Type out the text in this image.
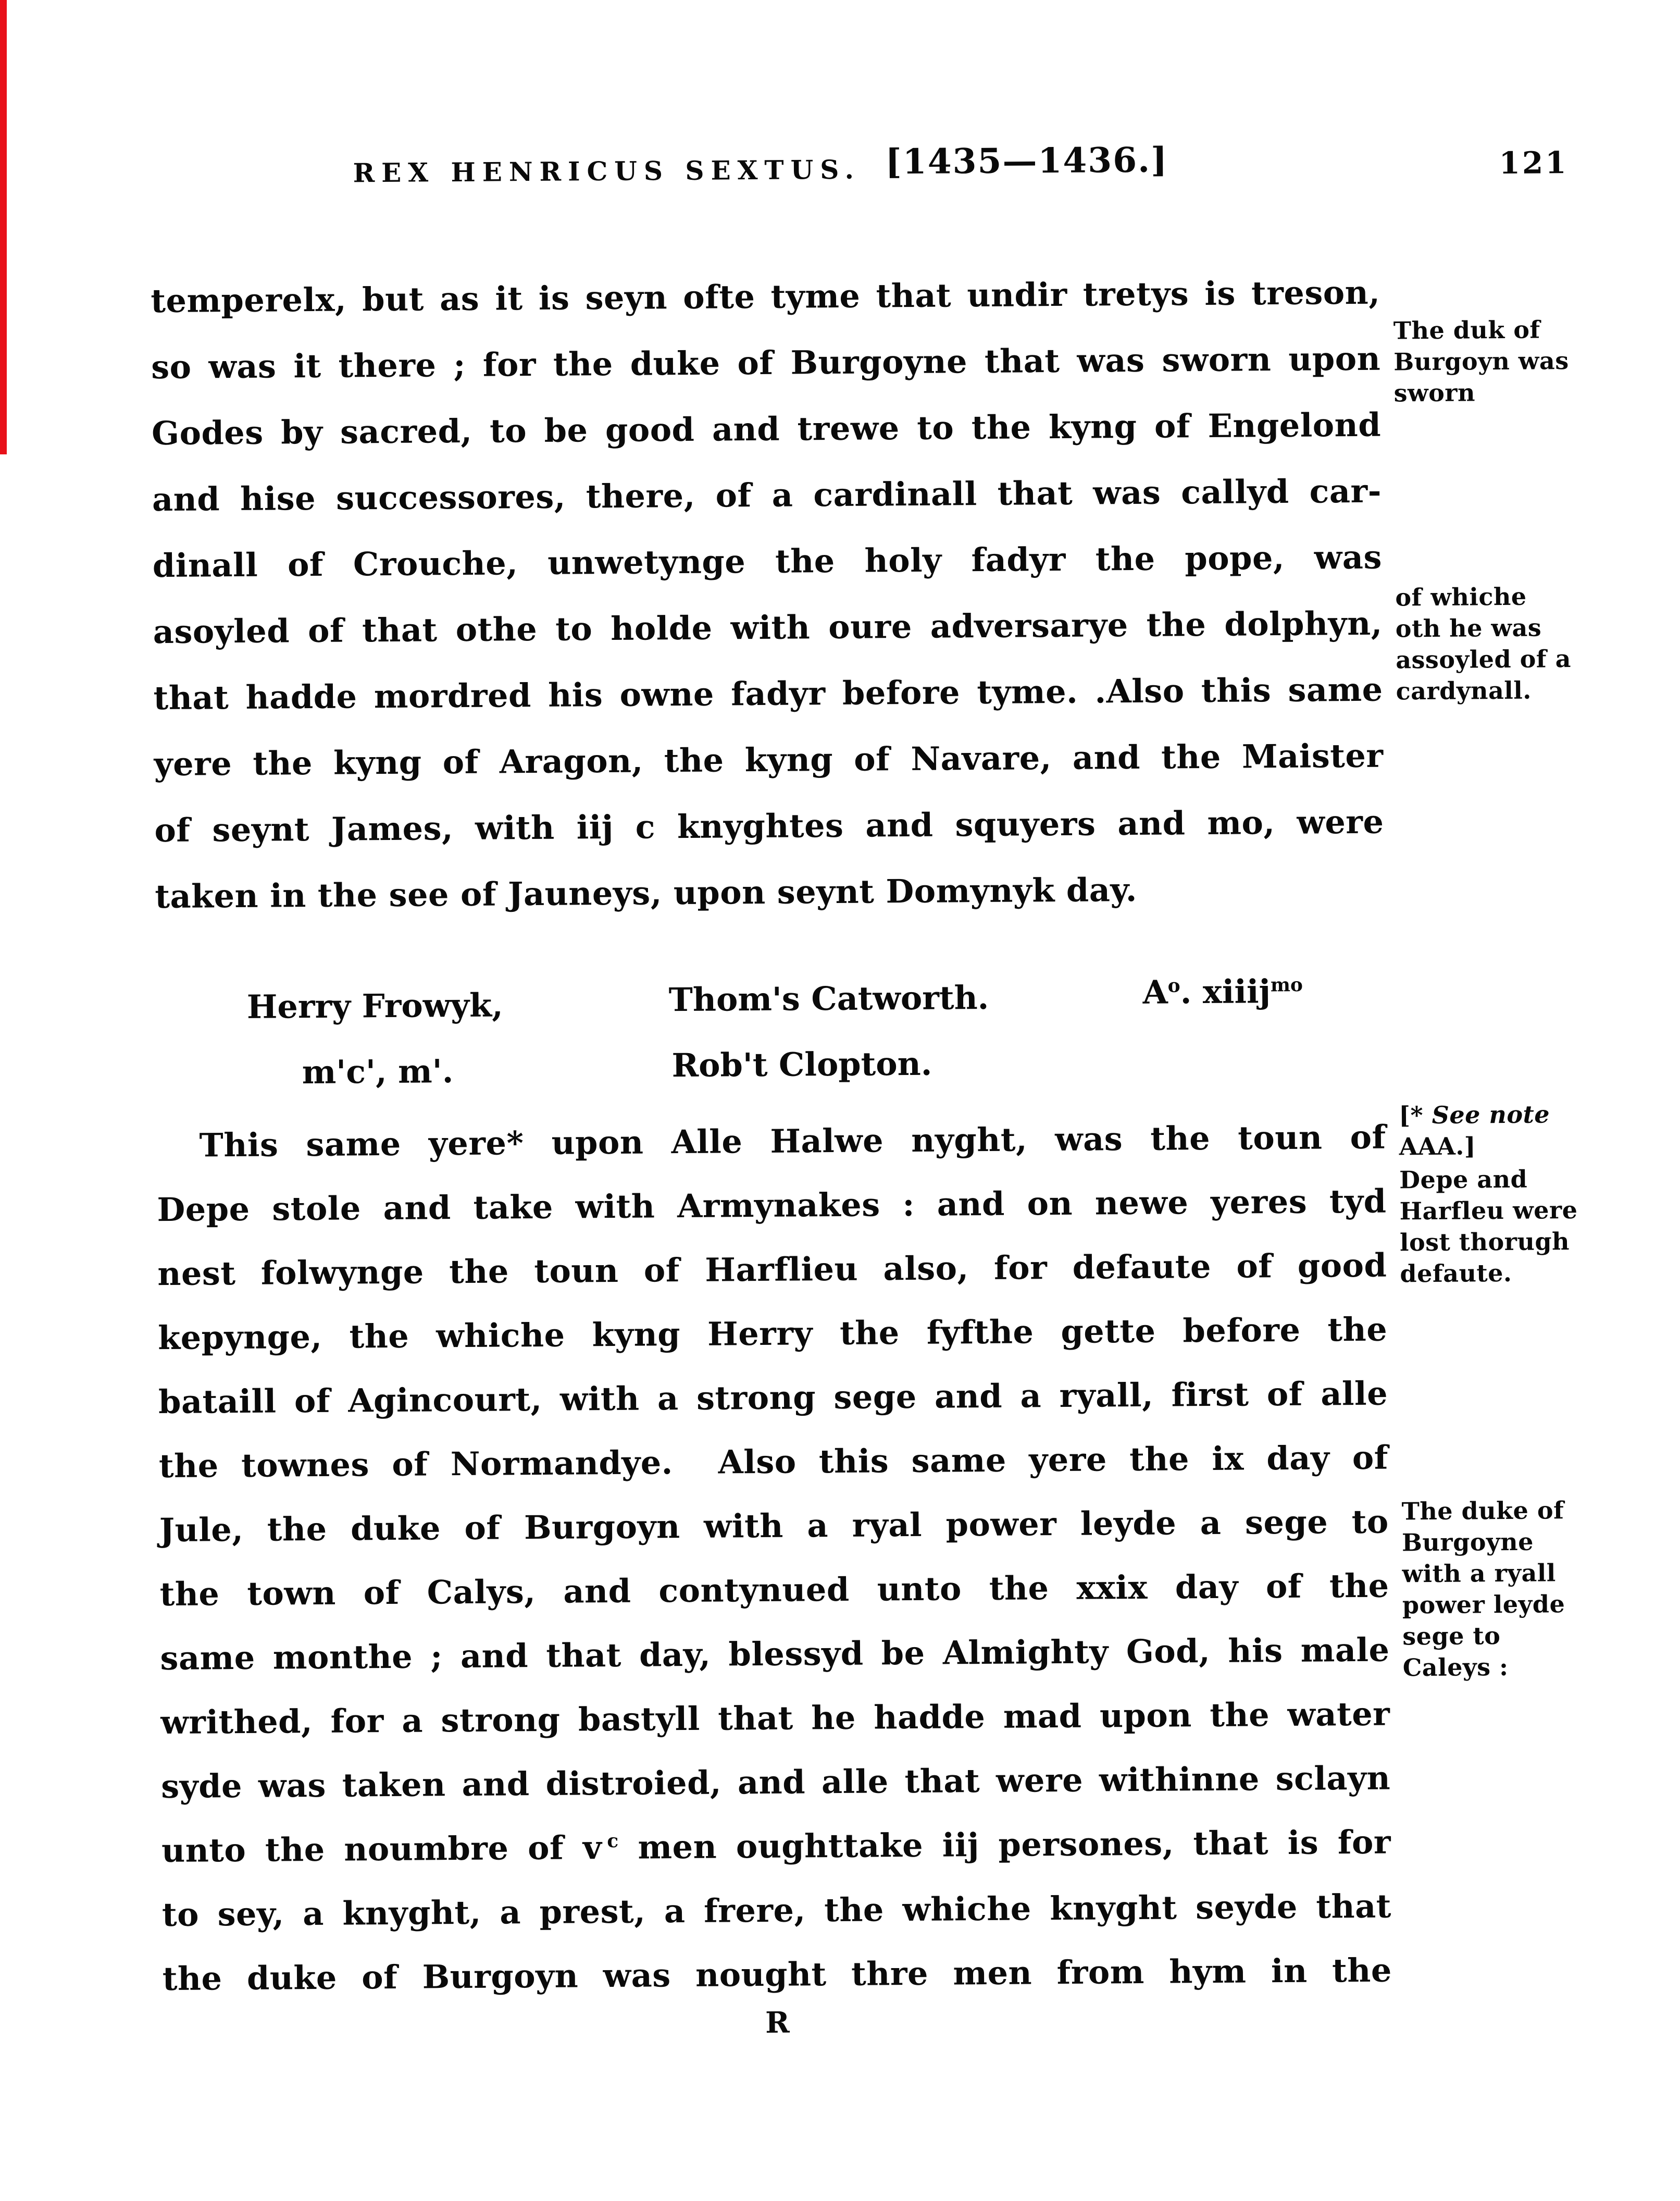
REX HENRICUS SEXTUS. [1435—1436.]	121
temperelx, but as it is seyn ofte tyme that undir tretys is treson,
so was it there ; for the duke of Burgoyne that was sworn upon
Godes by sacred, to be good and trewe to the kyng of Engelond
and hise successores, there, of a cardinall that was callyd car-
dinall of Crouche, unwetynge the holy fadyr the pope, was
asoyled of that othe to holde with oure adversarye the dolphyn,
that hadde mordred his owne fadyr before tyme. .Also this same
yere the kyng of Aragon, the kyng of Navare, and the Maister
of seynt James, with iij c knyghtes and squyers and mo, were
taken in the see of Jauneys, upon seynt Domynyk day.
Herry Frowyk,	Thom's Catworth.	$A^o$. xiiij$^{mo}$
m'c', m'.	Rob't Clopton.
This same yere* upon Alle Halwe nyght, was the toun of
Depe stole and take with Armynakes : and on newe yeres tyd
nest folwynge the toun of Harflieu also, for defaute of good
kepynge, the whiche kyng Herry the fyfthe gette before the
bataill of Agincourt, with a strong sege and a ryall, first of alle
the townes of Normandye.  Also this same yere the ix day of
Jule, the duke of Burgoyn with a ryal power leyde a sege to
the town of Calys, and contynued unto the xxix day of the
same monthe ; and that day, blessyd be Almighty God, his male
writhed, for a strong bastyll that he hadde mad upon the water
syde was taken and distroied, and alle that were withinne sclayn
unto the noumbre of v $^c$ men oughttake iij persones, that is for
to sey, a knyght, a prest, a frere, the whiche knyght seyde that
the duke of Burgoyn was nought thre men from hym in the
The duk of
Burgoyn was
sworn
of whiche
oth he was
assoyled of a
cardynall.
[* See note
AAA.]
Depe and
Harfleu were
lost thorugh
defaute.
The duke of
Burgoyne
with a ryall
power leyde
sege to
Caleys :
R
